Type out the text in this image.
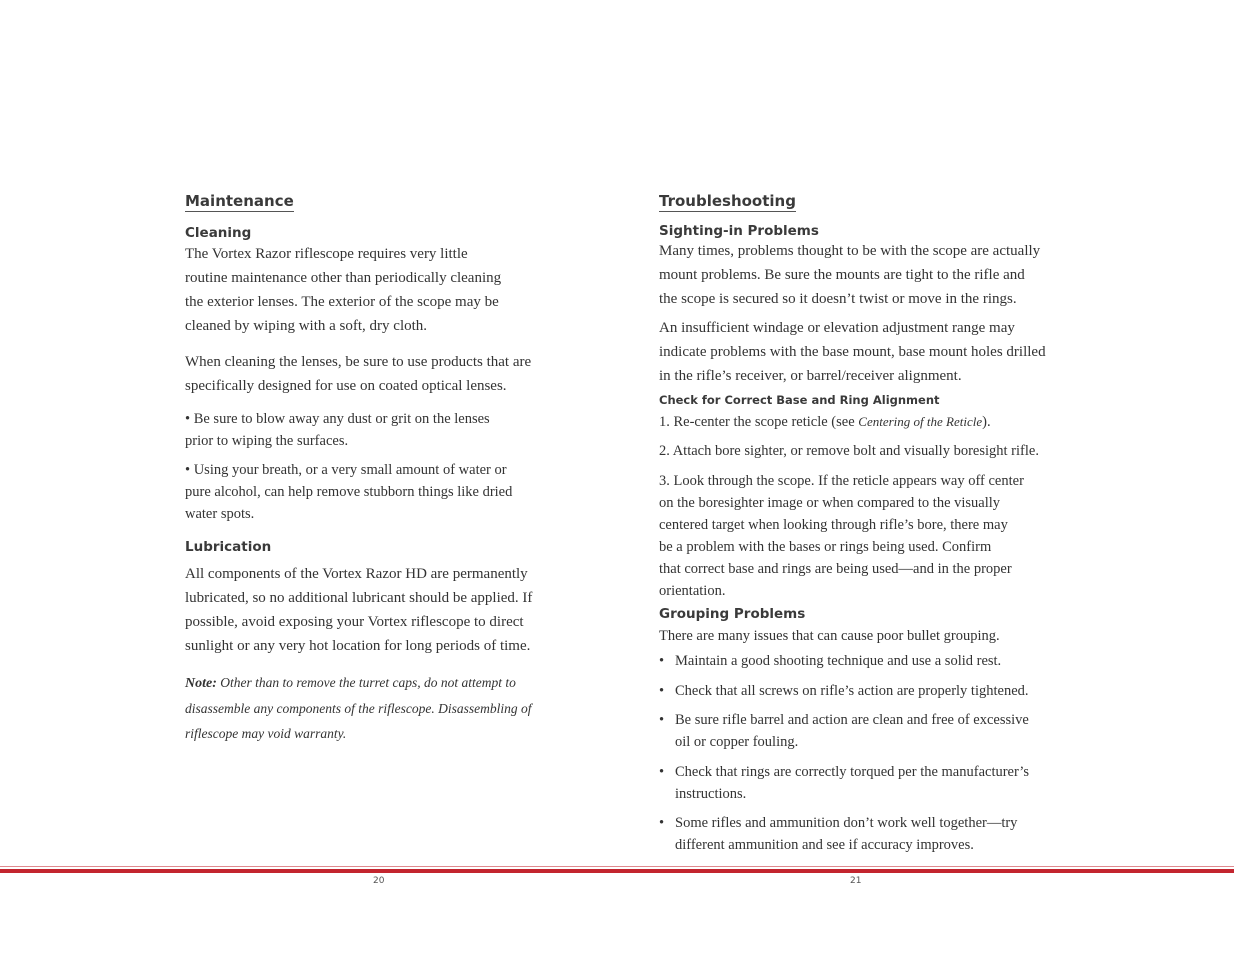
Maintenance
Cleaning

The Vortex Razor riflescope requires very little
routine maintenance other than periodically cleaning
the exterior lenses. The exterior of the scope may be
cleaned by wiping with a soft, dry cloth.

When cleaning the lenses, be sure to use products that are
specifically designed for use on coated optical lenses.

• Be sure to blow away any dust or grit on the lenses
prior to wiping the surfaces.

• Using your breath, or a very small amount of water or
pure alcohol, can help remove stubborn things like dried
water spots.

Lubrication

All components of the Vortex Razor HD are permanently
lubricated, so no additional lubricant should be applied. If
possible, avoid exposing your Vortex riflescope to direct
sunlight or any very hot location for long periods of time.

Note: Other than to remove the turret caps, do not attempt to
disassemble any components of the riflescope. Disassembling of
riflescope may void warranty.

Troubleshooting
Sighting-in Problems

Many times, problems thought to be with the scope are actually
mount problems. Be sure the mounts are tight to the rifle and
the scope is secured so it doesn’t twist or move in the rings.

An insufficient windage or elevation adjustment range may
indicate problems with the base mount, base mount holes drilled
in the rifle’s receiver, or barrel/receiver alignment.

Check for Correct Base and Ring Alignment

1. Re-center the scope reticle (see Centering of the Reticle).

2. Attach bore sighter, or remove bolt and visually boresight rifle.

3. Look through the scope. If the reticle appears way off center
on the boresighter image or when compared to the visually
centered target when looking through rifle’s bore, there may
be a problem with the bases or rings being used. Confirm
that correct base and rings are being used—and in the proper
orientation.

Grouping Problems

There are many issues that can cause poor bullet grouping.

• Maintain a good shooting technique and use a solid rest.
• Check that all screws on rifle’s action are properly tightened.
• Be sure rifle barrel and action are clean and free of excessive
oil or copper fouling.
• Check that rings are correctly torqued per the manufacturer’s
instructions.
• Some rifles and ammunition don’t work well together—try
different ammunition and see if accuracy improves.
20	21
